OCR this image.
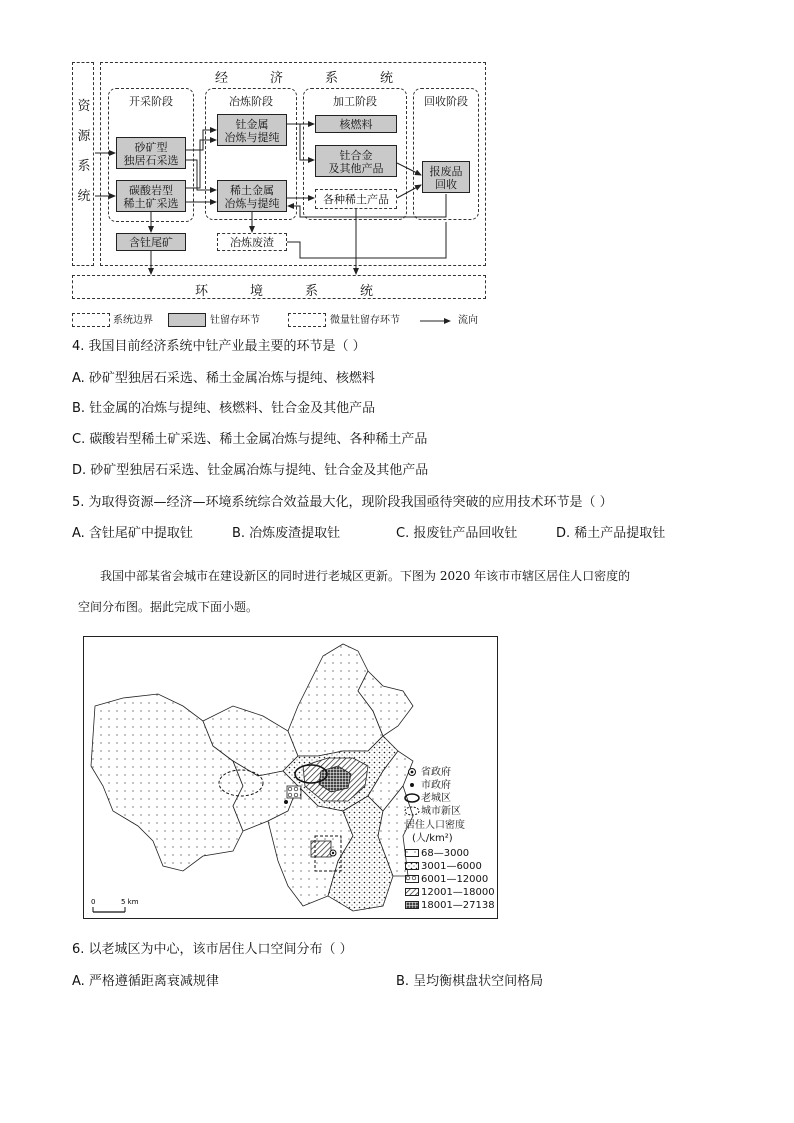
资
源
系
统
经济系统
开采阶段	冶炼阶段	加工阶段	回收阶段
砂矿型
独居石采选
碳酸岩型
稀土矿采选
钍金属
冶炼与提纯
稀土金属
冶炼与提纯
核燃料
钍合金
及其他产品
各种稀土产品
报废品
回收
含钍尾矿	冶炼废渣
环境系统
系统边界	钍留存环节	微量钍留存环节	流向
4. 我国目前经济系统中钍产业最主要的环节是（ ）
A. 砂矿型独居石采选、稀土金属冶炼与提纯、核燃料
B. 钍金属的冶炼与提纯、核燃料、钍合金及其他产品
C. 碳酸岩型稀土矿采选、稀土金属冶炼与提纯、各种稀土产品
D. 砂矿型独居石采选、钍金属冶炼与提纯、钍合金及其他产品
5. 为取得资源—经济—环境系统综合效益最大化，现阶段我国亟待突破的应用技术环节是（ ）
A. 含钍尾矿中提取钍	B. 冶炼废渣提取钍	C. 报废钍产品回收钍	D. 稀土产品提取钍
我国中部某省会城市在建设新区的同时进行老城区更新。下图为 2020 年该市市辖区居住人口密度的
空间分布图。据此完成下面小题。
0	5 km
省政府
市政府
老城区
城市新区
居住人口密度
(人/km²)
68—3000
3001—6000
6001—12000
12001—18000
18001—27138
6. 以老城区为中心，该市居住人口空间分布（ ）
A. 严格遵循距离衰减规律	B. 呈均衡棋盘状空间格局
